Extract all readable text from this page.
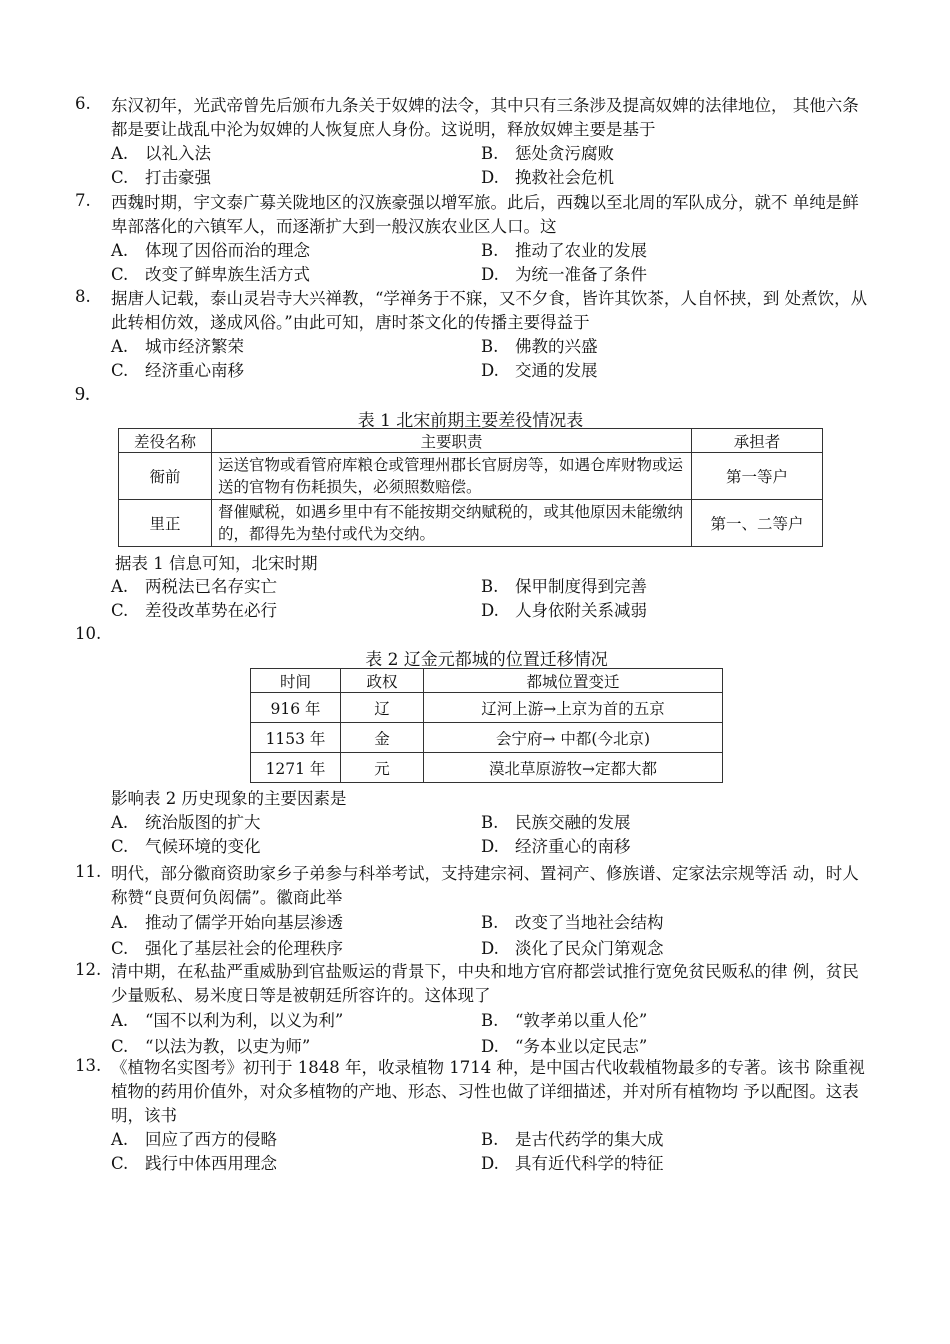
6.	东汉初年，光武帝曾先后颁布九条关于奴婢的法令，其中只有三条涉及提高奴婢的法律地位， 其他六条都是要让战乱中沦为奴婢的人恢复庶人身份。这说明，释放奴婢主要是基于
A.	以礼入法	B.	惩处贪污腐败
C.	打击豪强	D. 挽救社会危机
7.	西魏时期，宇文泰广募关陇地区的汉族豪强以增军旅。此后，西魏以至北周的军队成分，就不 单纯是鲜卑部落化的六镇军人，而逐渐扩大到一般汉族农业区人口。这
A.	体现了因俗而治的理念	B.	推动了农业的发展
C.	改变了鲜卑族生活方式	D. 为统一准备了条件
8.	据唐人记载，泰山灵岩寺大兴禅教，“学禅务于不寐，又不夕食，皆许其饮茶，人自怀挟，到 处煮饮，从此转相仿效，遂成风俗。”由此可知，唐时茶文化的传播主要得益于
A.	城市经济繁荣	B.	佛教的兴盛
C.	经济重心南移	D. 交通的发展
9.
表 1 北宋前期主要差役情况表
差役名称	主要职责	承担者
衙前	运送官物或看管府库粮仓或管理州郡长官厨房等，如遇仓库财物或运送的官物有伤耗损失，必须照数赔偿。	第一等户
里正	督催赋税，如遇乡里中有不能按期交纳赋税的，或其他原因未能缴纳的，都得先为垫付或代为交纳。	第一、二等户
据表 1 信息可知，北宋时期
A.	两税法已名存实亡	B.	保甲制度得到完善
C.	差役改革势在必行	D. 人身依附关系减弱
10.
表 2 辽金元都城的位置迁移情况
时间	政权	都城位置变迁
916 年	辽	辽河上游→上京为首的五京
1153 年	金	会宁府→ 中都(今北京)
1271 年	元	漠北草原游牧→定都大都
影响表 2 历史现象的主要因素是
A.	统治版图的扩大	B.	民族交融的发展
C.	气候环境的变化	D. 经济重心的南移
11. 明代，部分徽商资助家乡子弟参与科举考试，支持建宗祠、置祠产、修族谱、定家法宗规等活 动，时人称赞“良贾何负闳儒”。徽商此举
A.	推动了儒学开始向基层渗透	B.	改变了当地社会结构
C.	强化了基层社会的伦理秩序	D. 淡化了民众门第观念
12. 清中期，在私盐严重威胁到官盐贩运的背景下，中央和地方官府都尝试推行宽免贫民贩私的律 例，贫民少量贩私、易米度日等是被朝廷所容许的。这体现了
A.	“国不以利为利，以义为利”	B.	“敦孝弟以重人伦”
C.	“以法为教，以吏为师”	D. “务本业以定民志”
13. 《植物名实图考》初刊于 1848 年，收录植物 1714 种，是中国古代收载植物最多的专著。该书 除重视植物的药用价值外，对众多植物的产地、形态、习性也做了详细描述，并对所有植物均 予以配图。这表明，该书
A.	回应了西方的侵略	B.	是古代药学的集大成
C.	践行中体西用理念	D. 具有近代科学的特征
